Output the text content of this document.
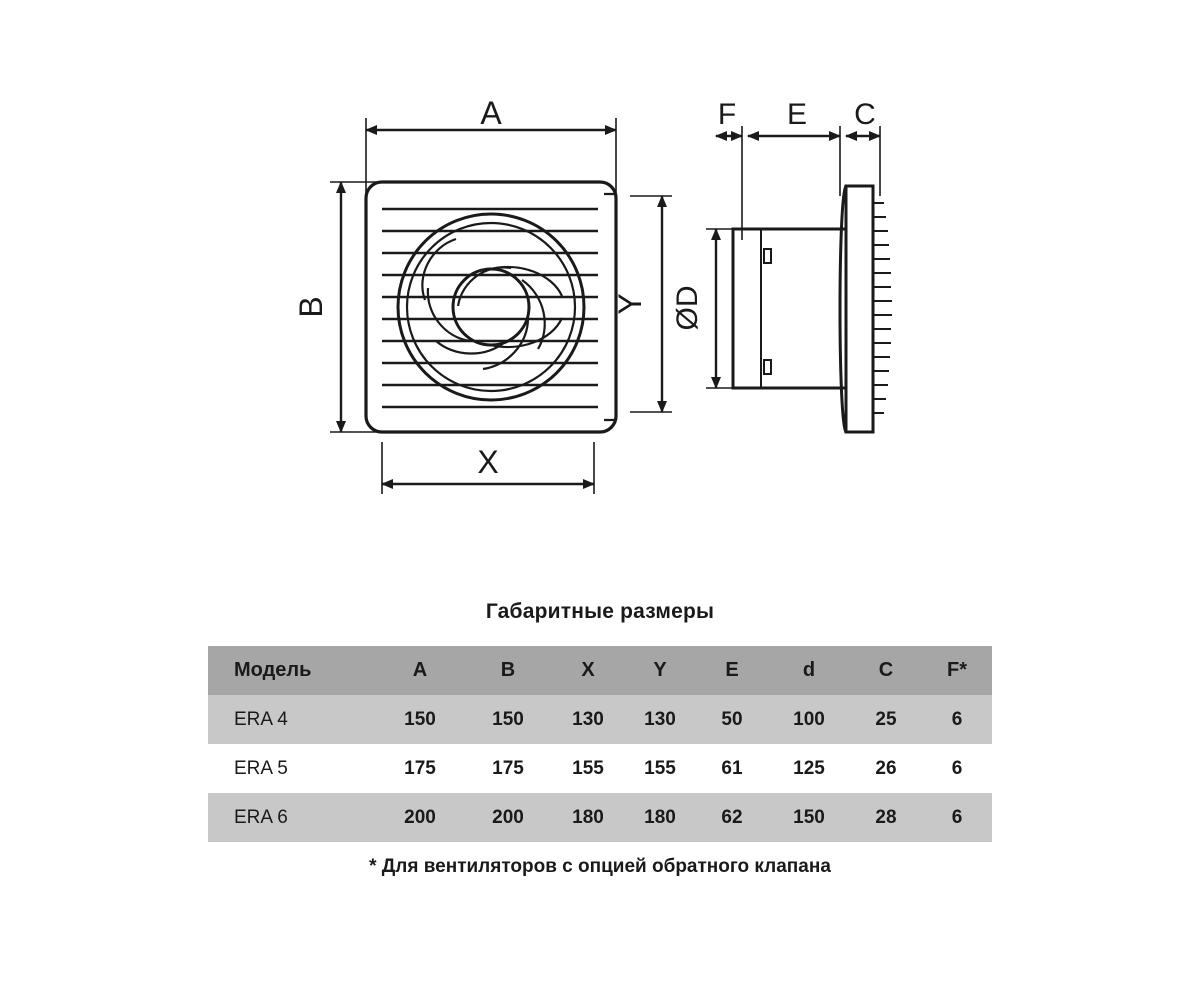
A
B	Y
X
F E C
ØD
Габаритные размеры
Модель	A	B	X	Y	E	d	C	F*
ERA 4	150	150	130	130	50	100	25	6
ERA 5	175	175	155	155	61	125	26	6
ERA 6	200	200	180	180	62	150	28	6
* Для вентиляторов с опцией обратного клапана
